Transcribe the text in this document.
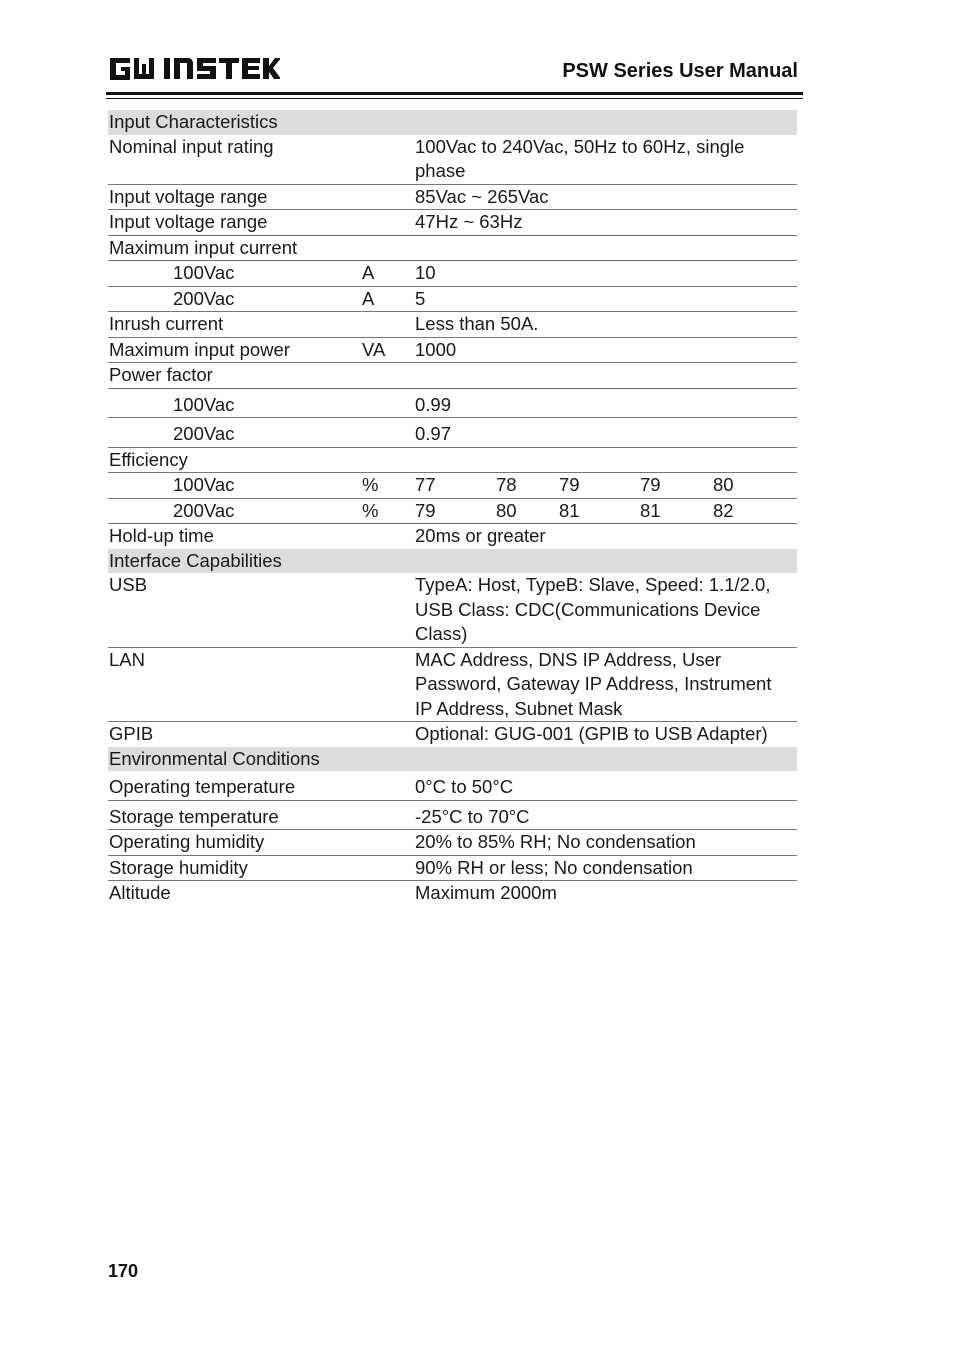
PSW Series User Manual
Input Characteristics							
Nominal input rating			100Vac to 240Vac, 50Hz to 60Hz, single phase				
Input voltage range			85Vac ~ 265Vac				
Input voltage range			47Hz ~ 63Hz				
Maximum input current							
	100Vac	A	10				
	200Vac	A	5				
Inrush current			Less than 50A.				
Maximum input power		VA	1000				
Power factor							
	100Vac		0.99				
	200Vac		0.97				
Efficiency							
	100Vac	%	77	78	79	79	80
	200Vac	%	79	80	81	81	82
Hold-up time			20ms or greater				
Interface Capabilities							
USB			TypeA: Host, TypeB: Slave, Speed: 1.1/2.0, USB Class: CDC(Communications Device Class)				
LAN			MAC Address, DNS IP Address, User Password, Gateway IP Address, Instrument IP Address, Subnet Mask				
GPIB			Optional: GUG-001 (GPIB to USB Adapter)				
Environmental Conditions							
Operating temperature			0°C to 50°C				
Storage temperature			-25°C to 70°C				
Operating humidity			20% to 85% RH; No condensation				
Storage humidity			90% RH or less; No condensation				
Altitude			Maximum 2000m				
170
